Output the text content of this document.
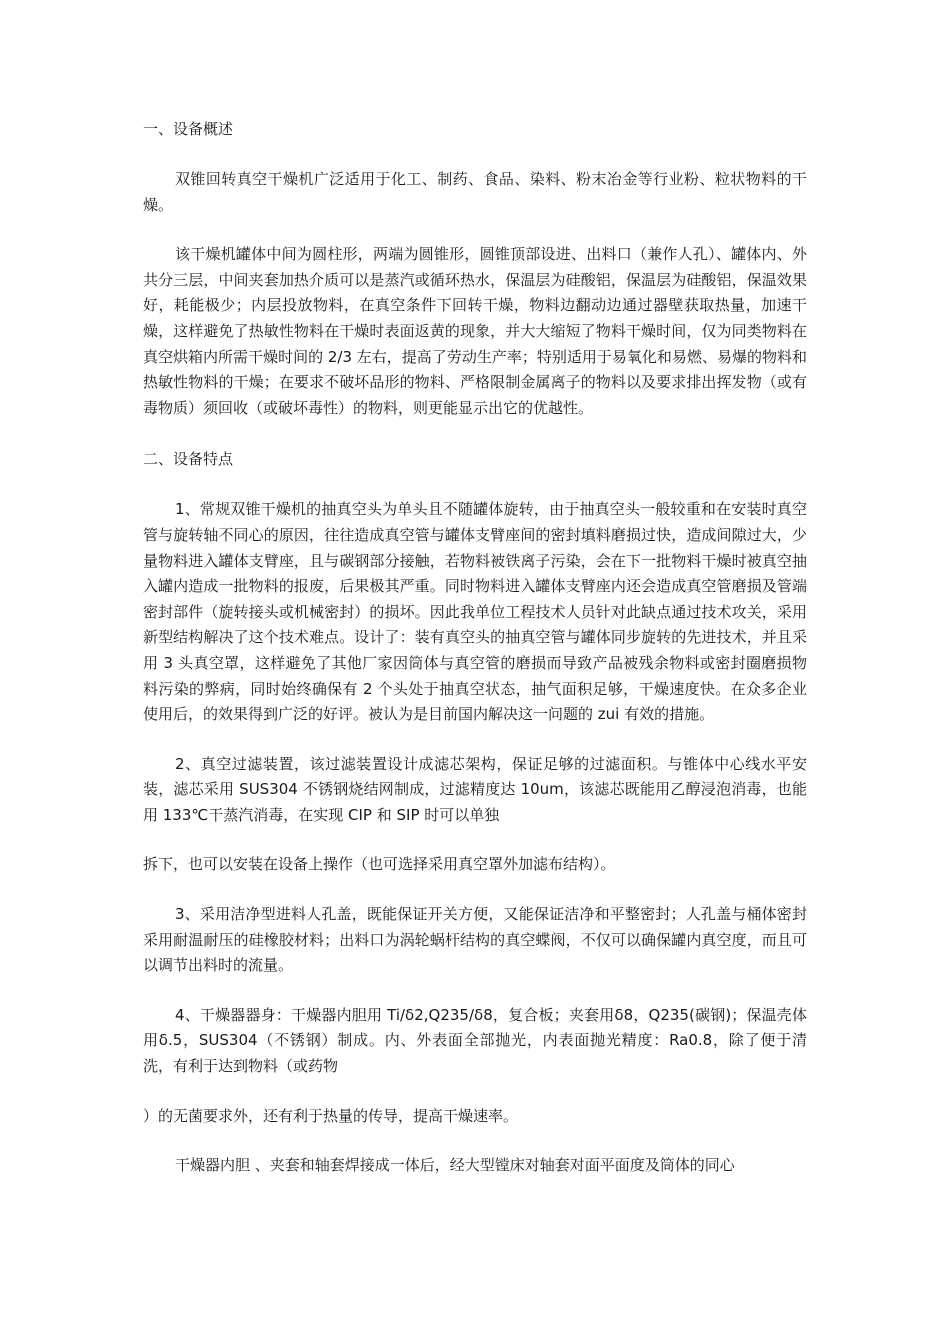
一、设备概述

双锥回转真空干燥机广泛适用于化工、制药、食品、染料、粉末冶金等行业粉、粒状物料的干燥。

该干燥机罐体中间为圆柱形，两端为圆锥形，圆锥顶部设进、出料口（兼作人孔）、罐体内、外共分三层，中间夹套加热介质可以是蒸汽或循环热水，保温层为硅酸铝，保温层为硅酸铝，保温效果好，耗能极少；内层投放物料，在真空条件下回转干燥，物料边翻动边通过器壁获取热量，加速干燥，这样避免了热敏性物料在干燥时表面返黄的现象，并大大缩短了物料干燥时间，仅为同类物料在真空烘箱内所需干燥时间的 2/3 左右，提高了劳动生产率；特别适用于易氧化和易燃、易爆的物料和热敏性物料的干燥；在要求不破坏品形的物料、严格限制金属离子的物料以及要求排出挥发物（或有毒物质）须回收（或破坏毒性）的物料，则更能显示出它的优越性。

二、设备特点

1、常规双锥干燥机的抽真空头为单头且不随罐体旋转，由于抽真空头一般较重和在安装时真空管与旋转轴不同心的原因，往往造成真空管与罐体支臂座间的密封填料磨损过快，造成间隙过大，少量物料进入罐体支臂座，且与碳钢部分接触，若物料被铁离子污染，会在下一批物料干燥时被真空抽入罐内造成一批物料的报废，后果极其严重。同时物料进入罐体支臂座内还会造成真空管磨损及管端密封部件（旋转接头或机械密封）的损坏。因此我单位工程技术人员针对此缺点通过技术攻关，采用新型结构解决了这个技术难点。设计了：装有真空头的抽真空管与罐体同步旋转的先进技术，并且采用 3 头真空罩，这样避免了其他厂家因筒体与真空管的磨损而导致产品被残余物料或密封圈磨损物料污染的弊病，同时始终确保有 2 个头处于抽真空状态，抽气面积足够，干燥速度快。在众多企业使用后，的效果得到广泛的好评。被认为是目前国内解决这一问题的 zui 有效的措施。

2、真空过滤装置，该过滤装置设计成滤芯架构，保证足够的过滤面积。与锥体中心线水平安装，滤芯采用 SUS304 不锈钢烧结网制成，过滤精度达 10um，该滤芯既能用乙醇浸泡消毒，也能用 133℃干蒸汽消毒，在实现 CIP 和 SIP 时可以单独

拆下，也可以安装在设备上操作（也可选择采用真空罩外加滤布结构）。

3、采用洁净型进料人孔盖，既能保证开关方便，又能保证洁净和平整密封；人孔盖与桶体密封采用耐温耐压的硅橡胶材料；出料口为涡轮蜗杆结构的真空蝶阀，不仅可以确保罐内真空度，而且可以调节出料时的流量。

4、干燥器器身：干燥器内胆用 Ti/δ2,Q235/δ8，复合板；夹套用δ8，Q235(碳钢)；保温壳体用δ.5，SUS304（不锈钢）制成。内、外表面全部抛光，内表面抛光精度：Ra0.8，除了便于清洗，有利于达到物料（或药物

）的无菌要求外，还有利于热量的传导，提高干燥速率。

干燥器内胆 、夹套和轴套焊接成一体后，经大型镗床对轴套对面平面度及筒体的同心
